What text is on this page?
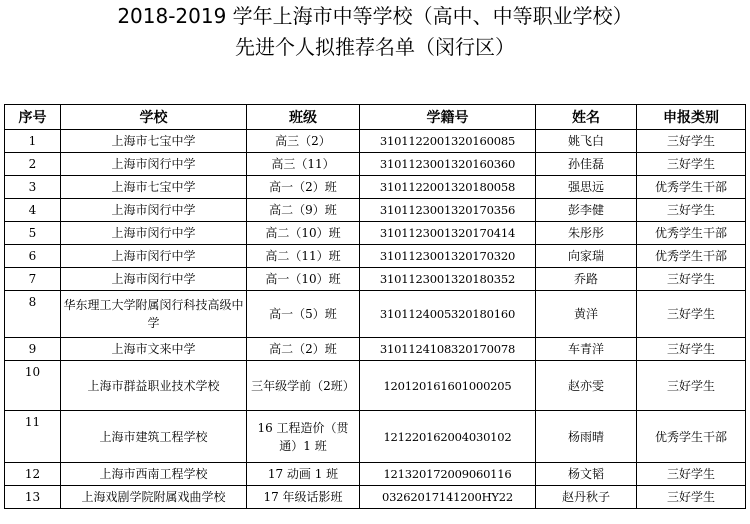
2018-2019 学年上海市中等学校（高中、中等职业学校）
先进个人拟推荐名单（闵行区）
序号	学校	班级	学籍号	姓名	申报类别
1	上海市七宝中学	高三（2）	3101122001320160085	姚飞白	三好学生
2	上海市闵行中学	高三（11）	3101123001320160360	孙佳磊	三好学生
3	上海市七宝中学	高一（2）班	3101122001320180058	强思远	优秀学生干部
4	上海市闵行中学	高二（9）班	3101123001320170356	彭李健	三好学生
5	上海市闵行中学	高二（10）班	3101123001320170414	朱彤彤	优秀学生干部
6	上海市闵行中学	高二（11）班	3101123001320170320	向家瑞	优秀学生干部
7	上海市闵行中学	高一（10）班	3101123001320180352	乔路	三好学生
8	华东理工大学附属闵行科技高级中学	高一（5）班	3101124005320180160	黄洋	三好学生
9	上海市文来中学	高二（2）班	3101124108320170078	车青洋	三好学生
10	上海市群益职业技术学校	三年级学前（2班）	120120161601000205	赵亦雯	三好学生
11	上海市建筑工程学校	16 工程造价（贯通）1 班	121220162004030102	杨雨晴	优秀学生干部
12	上海市西南工程学校	17 动画 1 班	121320172009060116	杨文韬	三好学生
13	上海戏剧学院附属戏曲学校	17 年级话影班	03262017141200HY22	赵丹秋子	三好学生
